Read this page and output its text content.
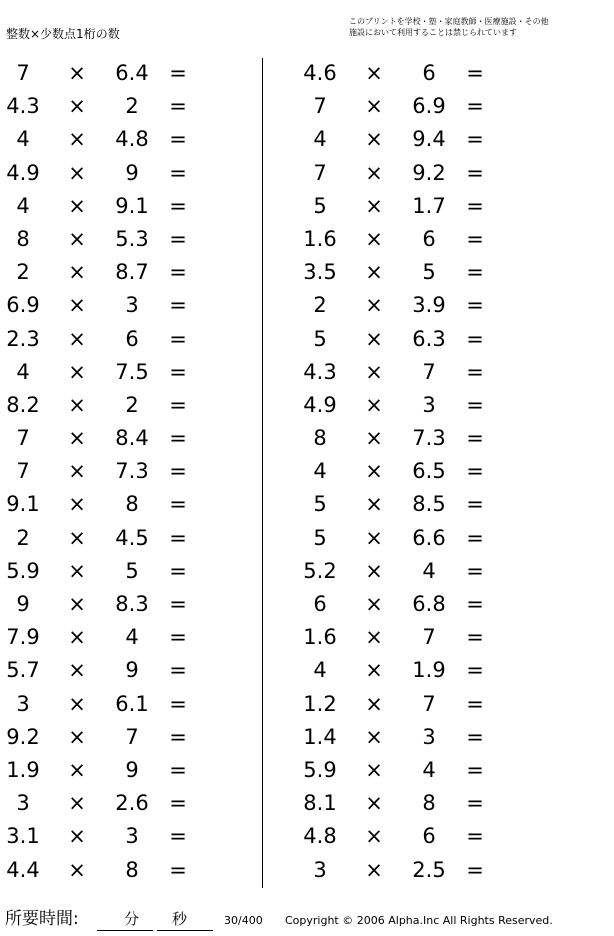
整数×少数点1桁の数
このプリントを学校・塾・家庭教師・医療施設・その他
施設において利用することは禁じられています
7	× 6.4 =
4.3 ×	2	=
4	× 4.8 =
4.9 ×	9	=
4	× 9.1 =
8	× 5.3 =
2	× 8.7 =
6.9 ×	3	=
2.3 ×	6	=
4	× 7.5 =
8.2 ×	2	=
7	× 8.4 =
7	× 7.3 =
9.1 ×	8	=
2	× 4.5 =
5.9 ×	5	=
9	× 8.3 =
7.9 ×	4	=
5.7 ×	9	=
3	× 6.1 =
9.2 ×	7	=
1.9 ×	9	=
3	× 2.6 =
3.1 ×	3	=
4.4 ×	8	=
4.6 ×	6	=
7	× 6.9 =
4	× 9.4 =
7	× 9.2 =
5	× 1.7 =
1.6 ×	6	=
3.5 ×	5	=
2	× 3.9 =
5	× 6.3 =
4.3 ×	7	=
4.9 ×	3	=
8	× 7.3 =
4	× 6.5 =
5	× 8.5 =
5	× 6.6 =
5.2 ×	4	=
6	× 6.8 =
1.6 ×	7	=
4	× 1.9 =
1.2 ×	7	=
1.4 ×	3	=
5.9 ×	4	=
8.1 ×	8	=
4.8 ×	6	=
3	× 2.5 =
所要時間:	分 秒	30/400 Copyright © 2006 Alpha.Inc All Rights Reserved.
